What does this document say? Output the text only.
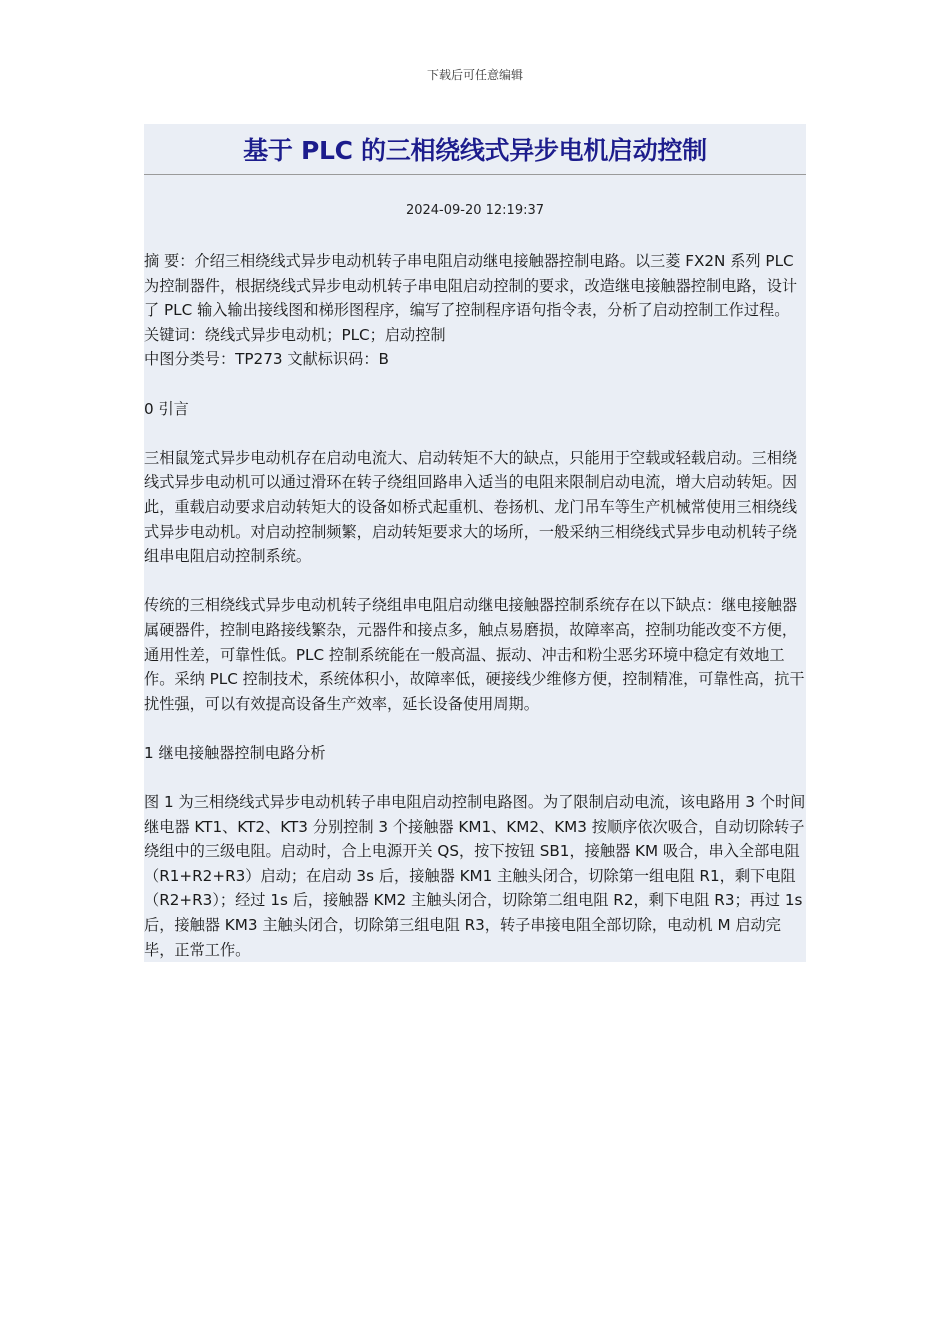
下载后可任意编辑
基于 PLC 的三相绕线式异步电机启动控制
2024-09-20 12:19:37

摘 要：介绍三相绕线式异步电动机转子串电阻启动继电接触器控制电路。以三菱 FX2N 系列 PLC 为控制器件，根据绕线式异步电动机转子串电阻启动控制的要求，改造继电接触器控制电路，设计了 PLC 输入输出接线图和梯形图程序，编写了控制程序语句指令表，分析了启动控制工作过程。

关键词：绕线式异步电动机；PLC；启动控制

中图分类号：TP273 文献标识码：B

0 引言

三相鼠笼式异步电动机存在启动电流大、启动转矩不大的缺点，只能用于空载或轻载启动。三相绕线式异步电动机可以通过滑环在转子绕组回路串入适当的电阻来限制启动电流，增大启动转矩。因此，重载启动要求启动转矩大的设备如桥式起重机、卷扬机、龙门吊车等生产机械常使用三相绕线式异步电动机。对启动控制频繁，启动转矩要求大的场所，一般采纳三相绕线式异步电动机转子绕组串电阻启动控制系统。

传统的三相绕线式异步电动机转子绕组串电阻启动继电接触器控制系统存在以下缺点：继电接触器属硬器件，控制电路接线繁杂，元器件和接点多，触点易磨损，故障率高，控制功能改变不方便，通用性差，可靠性低。PLC 控制系统能在一般高温、振动、冲击和粉尘恶劣环境中稳定有效地工作。采纳 PLC 控制技术，系统体积小，故障率低，硬接线少维修方便，控制精准，可靠性高，抗干扰性强，可以有效提高设备生产效率，延长设备使用周期。

1 继电接触器控制电路分析

图 1 为三相绕线式异步电动机转子串电阻启动控制电路图。为了限制启动电流，该电路用 3 个时间继电器 KT1、KT2、KT3 分别控制 3 个接触器 KM1、KM2、KM3 按顺序依次吸合，自动切除转子绕组中的三级电阻。启动时，合上电源开关 QS，按下按钮 SB1，接触器 KM 吸合，串入全部电阻（R1+R2+R3）启动；在启动 3s 后，接触器 KM1 主触头闭合，切除第一组电阻 R1，剩下电阻（R2+R3）；经过 1s 后，接触器 KM2 主触头闭合，切除第二组电阻 R2，剩下电阻 R3；再过 1s 后，接触器 KM3 主触头闭合，切除第三组电阻 R3，转子串接电阻全部切除，电动机 M 启动完毕，正常工作。
